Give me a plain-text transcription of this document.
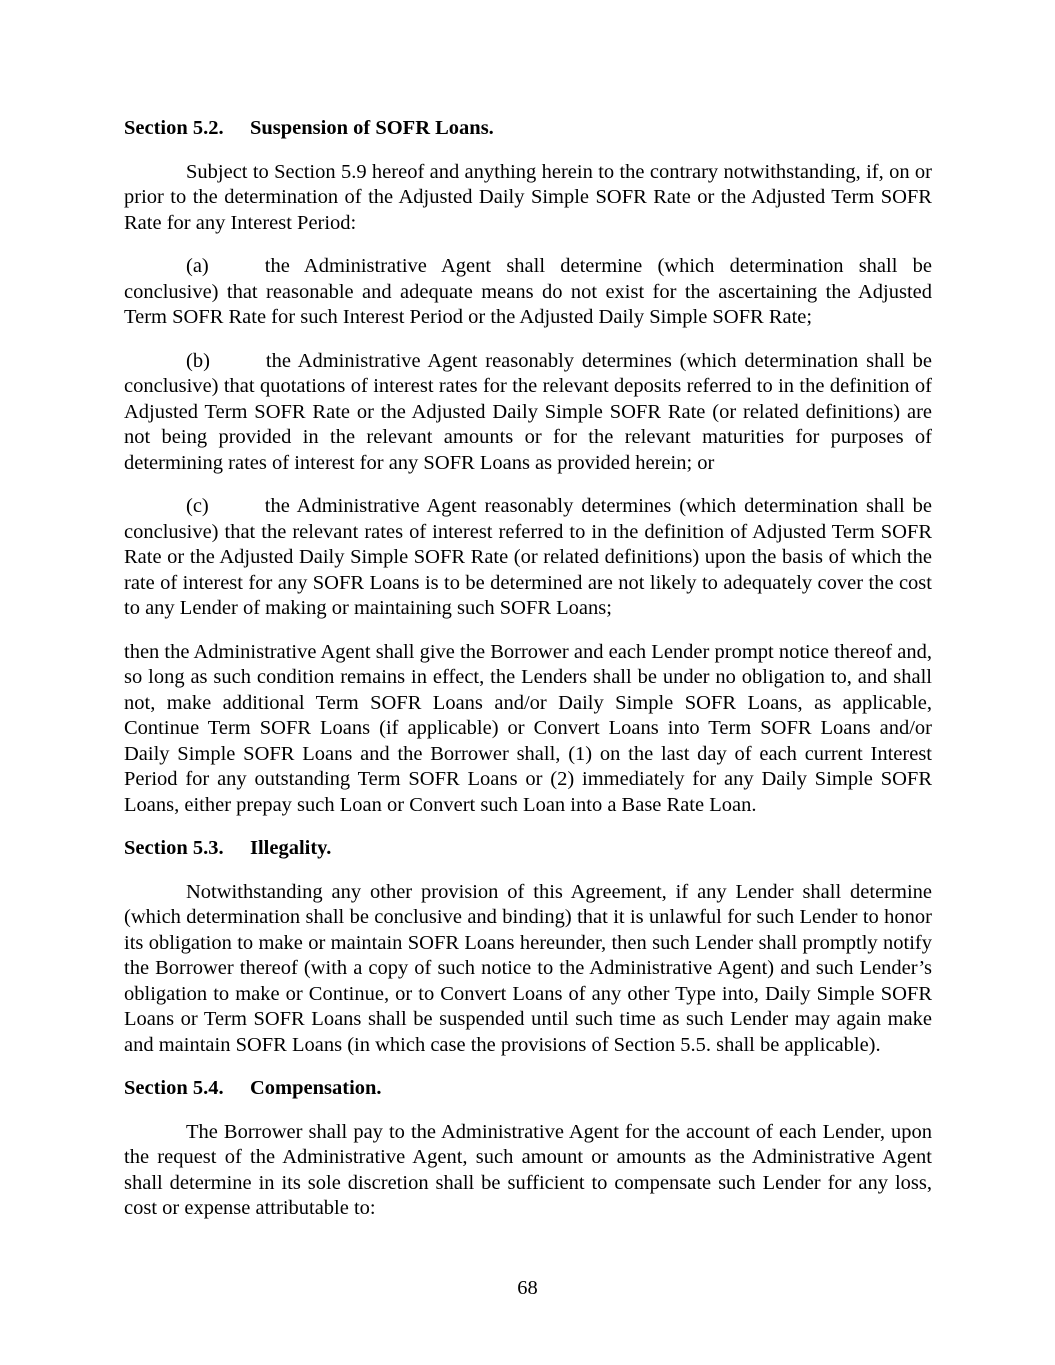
Section 5.2. Suspension of SOFR Loans.

Subject to Section 5.9 hereof and anything herein to the contrary notwithstanding, if, on or prior to the determination of the Adjusted Daily Simple SOFR Rate or the Adjusted Term SOFR Rate for any Interest Period:

(a)	the Administrative Agent shall determine (which determination shall be conclusive) that reasonable and adequate means do not exist for the ascertaining the Adjusted Term SOFR Rate for such Interest Period or the Adjusted Daily Simple SOFR Rate;

(b)	the Administrative Agent reasonably determines (which determination shall be conclusive) that quotations of interest rates for the relevant deposits referred to in the definition of Adjusted Term SOFR Rate or the Adjusted Daily Simple SOFR Rate (or related definitions) are not being provided in the relevant amounts or for the relevant maturities for purposes of determining rates of interest for any SOFR Loans as provided herein; or

(c)	the Administrative Agent reasonably determines (which determination shall be conclusive) that the relevant rates of interest referred to in the definition of Adjusted Term SOFR Rate or the Adjusted Daily Simple SOFR Rate (or related definitions) upon the basis of which the rate of interest for any SOFR Loans is to be determined are not likely to adequately cover the cost to any Lender of making or maintaining such SOFR Loans;

then the Administrative Agent shall give the Borrower and each Lender prompt notice thereof and, so long as such condition remains in effect, the Lenders shall be under no obligation to, and shall not, make additional Term SOFR Loans and/or Daily Simple SOFR Loans, as applicable, Continue Term SOFR Loans (if applicable) or Convert Loans into Term SOFR Loans and/or Daily Simple SOFR Loans and the Borrower shall, (1) on the last day of each current Interest Period for any outstanding Term SOFR Loans or (2) immediately for any Daily Simple SOFR Loans, either prepay such Loan or Convert such Loan into a Base Rate Loan.

Section 5.3. Illegality.

Notwithstanding any other provision of this Agreement, if any Lender shall determine (which determination shall be conclusive and binding) that it is unlawful for such Lender to honor its obligation to make or maintain SOFR Loans hereunder, then such Lender shall promptly notify the Borrower thereof (with a copy of such notice to the Administrative Agent) and such Lender’s obligation to make or Continue, or to Convert Loans of any other Type into, Daily Simple SOFR Loans or Term SOFR Loans shall be suspended until such time as such Lender may again make and maintain SOFR Loans (in which case the provisions of Section 5.5. shall be applicable).

Section 5.4. Compensation.

The Borrower shall pay to the Administrative Agent for the account of each Lender, upon the request of the Administrative Agent, such amount or amounts as the Administrative Agent shall determine in its sole discretion shall be sufficient to compensate such Lender for any loss, cost or expense attributable to:

68
